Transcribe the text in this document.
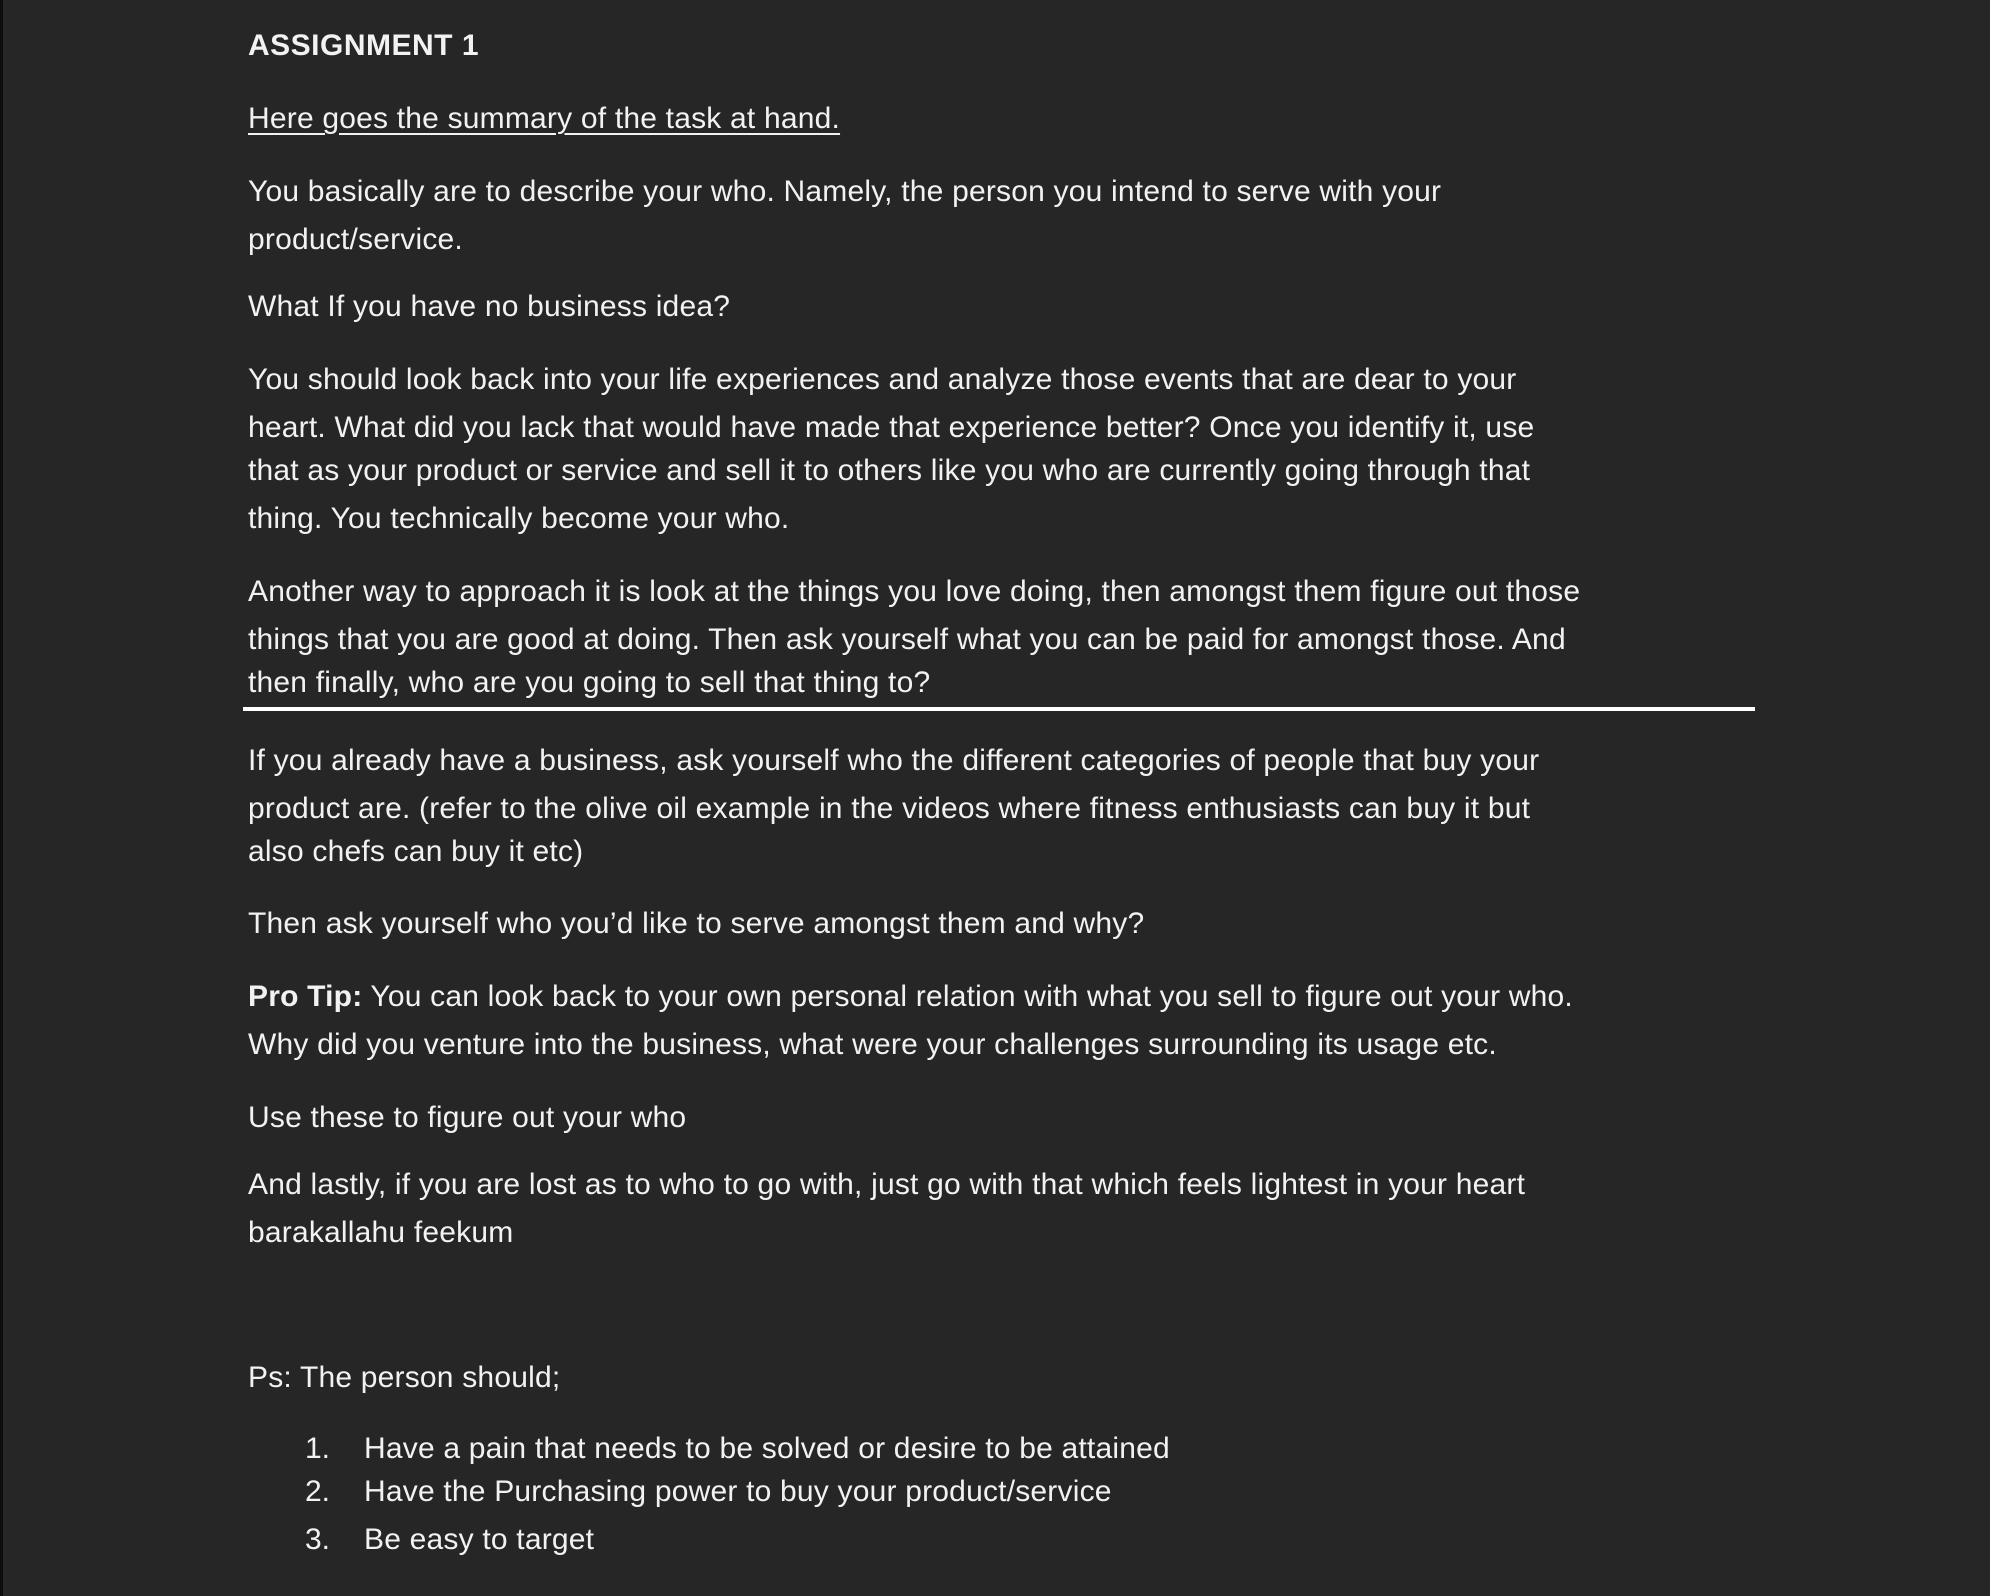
ASSIGNMENT 1
Here goes the summary of the task at hand.
You basically are to describe your who. Namely, the person you intend to serve with your
product/service.
What If you have no business idea?
You should look back into your life experiences and analyze those events that are dear to your
heart. What did you lack that would have made that experience better? Once you identify it, use
that as your product or service and sell it to others like you who are currently going through that
thing. You technically become your who.
Another way to approach it is look at the things you love doing, then amongst them figure out those
things that you are good at doing. Then ask yourself what you can be paid for amongst those. And
then finally, who are you going to sell that thing to?
If you already have a business, ask yourself who the different categories of people that buy your
product are. (refer to the olive oil example in the videos where fitness enthusiasts can buy it but
also chefs can buy it etc)
Then ask yourself who you’d like to serve amongst them and why?
Pro Tip: You can look back to your own personal relation with what you sell to figure out your who.
Why did you venture into the business, what were your challenges surrounding its usage etc.
Use these to figure out your who
And lastly, if you are lost as to who to go with, just go with that which feels lightest in your heart
barakallahu feekum
Ps: The person should;
1. Have a pain that needs to be solved or desire to be attained
2. Have the Purchasing power to buy your product/service
3. Be easy to target
